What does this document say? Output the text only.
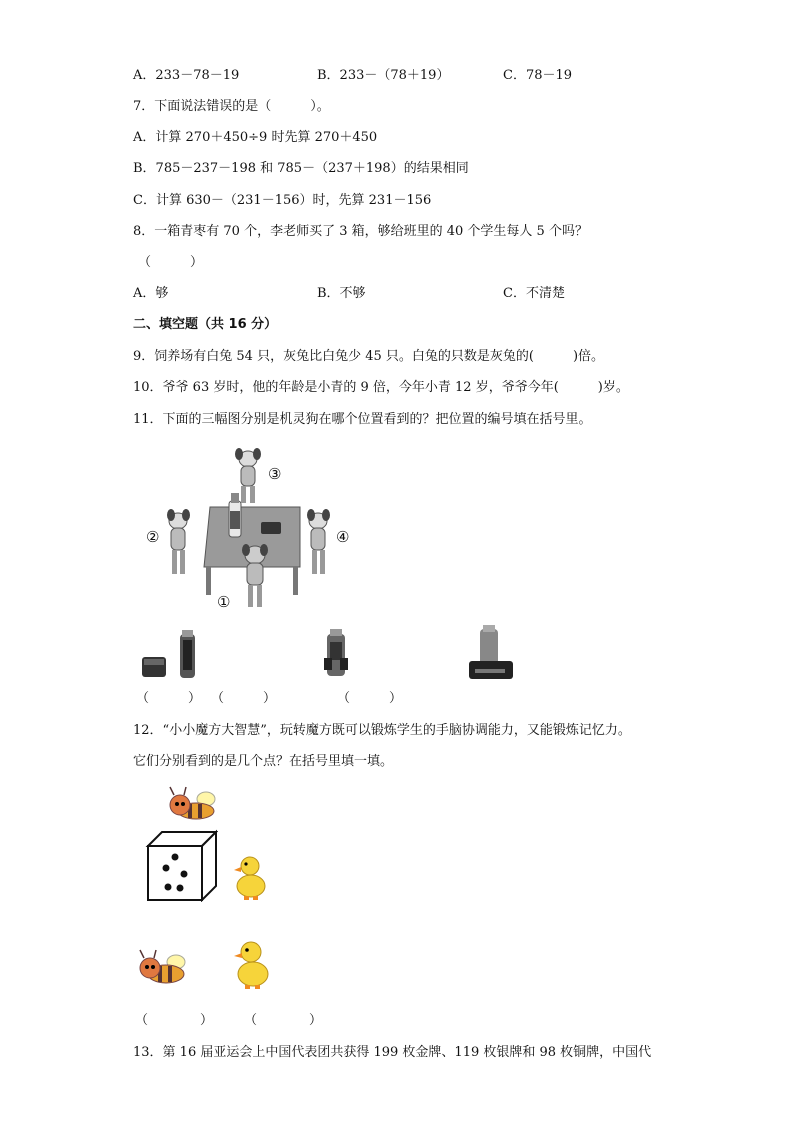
A．233－78－19	B．233－（78＋19）	C．78－19
7．下面说法错误的是（　　　）。
A．计算 270＋450÷9 时先算 270＋450
B．785－237－198 和 785－（237＋198）的结果相同
C．计算 630－（231－156）时，先算 231－156
8．一箱青枣有 70 个，李老师买了 3 箱，够给班里的 40 个学生每人 5 个吗？
（　　　）
A．够	B．不够	C．不清楚
二、填空题（共 16 分）
9．饲养场有白兔 54 只，灰兔比白兔少 45 只。白兔的只数是灰兔的(　　　)倍。
10．爷爷 63 岁时，他的年龄是小青的 9 倍，今年小青 12 岁，爷爷今年(　　　)岁。
11．下面的三幅图分别是机灵狗在哪个位置看到的？把位置的编号填在括号里。
①
②
③
④
（　　　） （　　　）	（　　　）
12．“小小魔方大智慧”，玩转魔方既可以锻炼学生的手脑协调能力，又能锻炼记忆力。
它们分别看到的是几个点？在括号里填一填。
（　　　　） （　　　　）
13．第 16 届亚运会上中国代表团共获得 199 枚金牌、119 枚银牌和 98 枚铜牌，中国代
